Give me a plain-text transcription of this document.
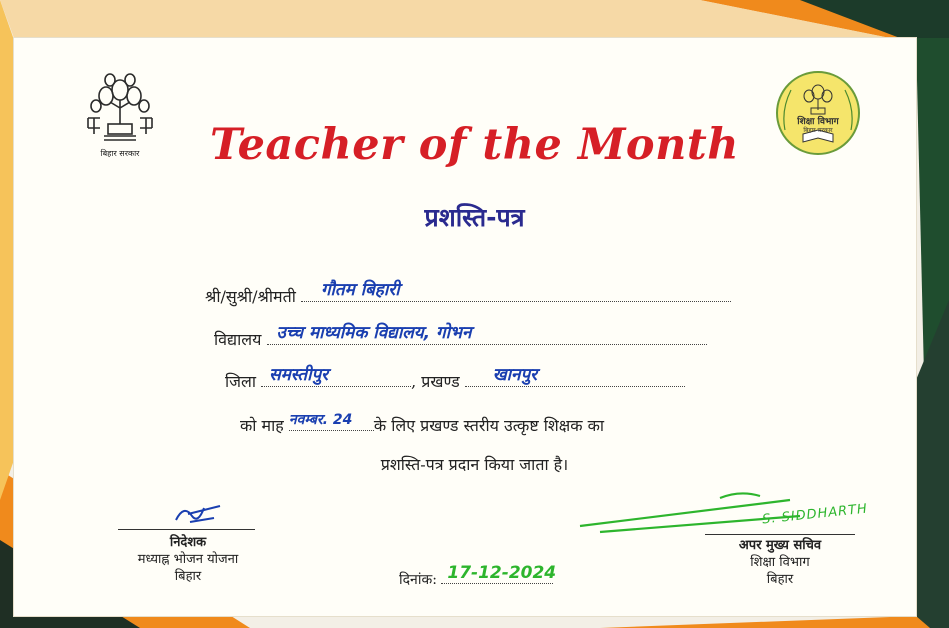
बिहार सरकार
शिक्षा विभाग
बिहार सरकार
Teacher of the Month
प्रशस्ति-पत्र
श्री/सुश्री/श्रीमती गौतम बिहारी
विद्यालय उच्च माध्यमिक विद्यालय, गोभन
जिला समस्तीपुर	, प्रखण्ड खानपुर
को माह नवम्बर. 24 के लिए प्रखण्ड स्तरीय उत्कृष्ट शिक्षक का
प्रशस्ति-पत्र प्रदान किया जाता है।
निदेशक
मध्याह्न भोजन योजना
बिहार	दिनांक: 17-12-2024
S. SIDDHARTH
अपर मुख्य सचिव
शिक्षा विभाग
बिहार
